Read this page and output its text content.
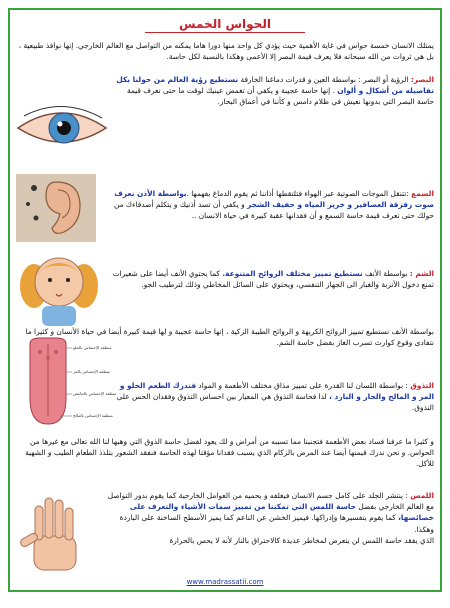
الحواس الخمس
يمتلك الانسان خمسة حواس في غاية الأهمية حيث يؤدي كل واحد منها دورا هاما يمكنه من التواصل مع العالم الخارجي. إنها نوافذ طبيعية ، بل هي ثروات من الله سبحانه فلا يعرف قيمة البصر إلا الأعمى وهكذا بالنسبة لكل حاسة.
البصر: الرؤية أو البصر : بواسطة العين و قدرات دماغنا الخارقة نستطيع رؤية العالم من حولنا بكل تفاصيله من أشكال و ألوان . إنها حاسة عجيبة و يكفي أن تغمض عينيك لوقت ما حتى تعرف قيمة حاسة البصر التي بدونها نعيش في ظلام دامس و كأننا في أعماق البحار.
السمع :تتنقل الموجات الصوتية عبر الهواء فتلتقطها أذاننا ثم يقوم الدماغ بفهمها .بواسطة الأذن نعرف صوت زقزقة العصافير و خرير المياه و حفيف الشجر و يكفي أن تسد أذنيك و يتكلم أصدقاءك من حولك حتى تعرف قيمة حاسة السمع و أن فقدانها عقبة كبيرة في حياة الانسان ..
الشم : بواسطة الأنف نستطيع تمييز مختلف الروائح المتنوعة. كما يحتوي الأنف أيضا على شعيرات تمنع دخول الأتربة والغبار الى الجهاز التنفسي، ويحتوي على السائل المخاطي وذلك لترطيب الجو.
بواسطة الأنف نستطيع تمييز الروائح الكريهة و الروائح الطيبة الزكية ، إنها حاسة عجيبة و لها قيمة كبيرة أيضا في حياة الأنسان و كثيرا ما نتفادى وقوع كوارث تسرب الغاز بفضل حاسة الشم.
التذوق : بواسطة اللسان لنا القدرة على تمييز مذاق مختلف الأطعمة و المواد فندرك الطعم الحلو و المر و المالح والحار و البارد ، لذا فحاسة التذوق هي المعيار بين احساس التذوق وفقدان الحس على التذوق.
منطقة الإحساس بالحلو
منطقة الإحساس بالمر
منطقة الإحساس بالحامض
منطقة الإحساس بالمالح
و كثيرا ما عرفنا فساد بعض الأطعمة فتجنبنا مما تسببه من أمراض و لك يعود لفضل حاسة الذوق التي وهبها لنا الله تعالى مع غيرها من الحواس. و نحن ندرك قيمتها أيضا عند المرض بالزكام الذي يسبب فقدانا مؤقتا لهذه الحاسة فنفقد الشعور بتلذذ الطعام الطيب و الشهية للأكل.
اللمس : ينتشر الجلد على كامل جسم الانسان فيغلفه و يحميه من العوامل الخارجية كما يقوم بدور التواصل مع العالم الخارجي بفضل حاسة اللمس التي تمكننا من تمييز سمات الأشياء والتعرف على خصائصها، كما يقوم بتفسيرها وإدراكها. فيميز الخشن عن الناعم كما يميز الأسطح الساخنة على الباردة وهكذا.
الذي يفقد حاسة اللمس لن يتعرض لمخاطر عديدة كالاحتراق بالنار لأنه لا يحس بالحرارة
www.madrassatii.com
